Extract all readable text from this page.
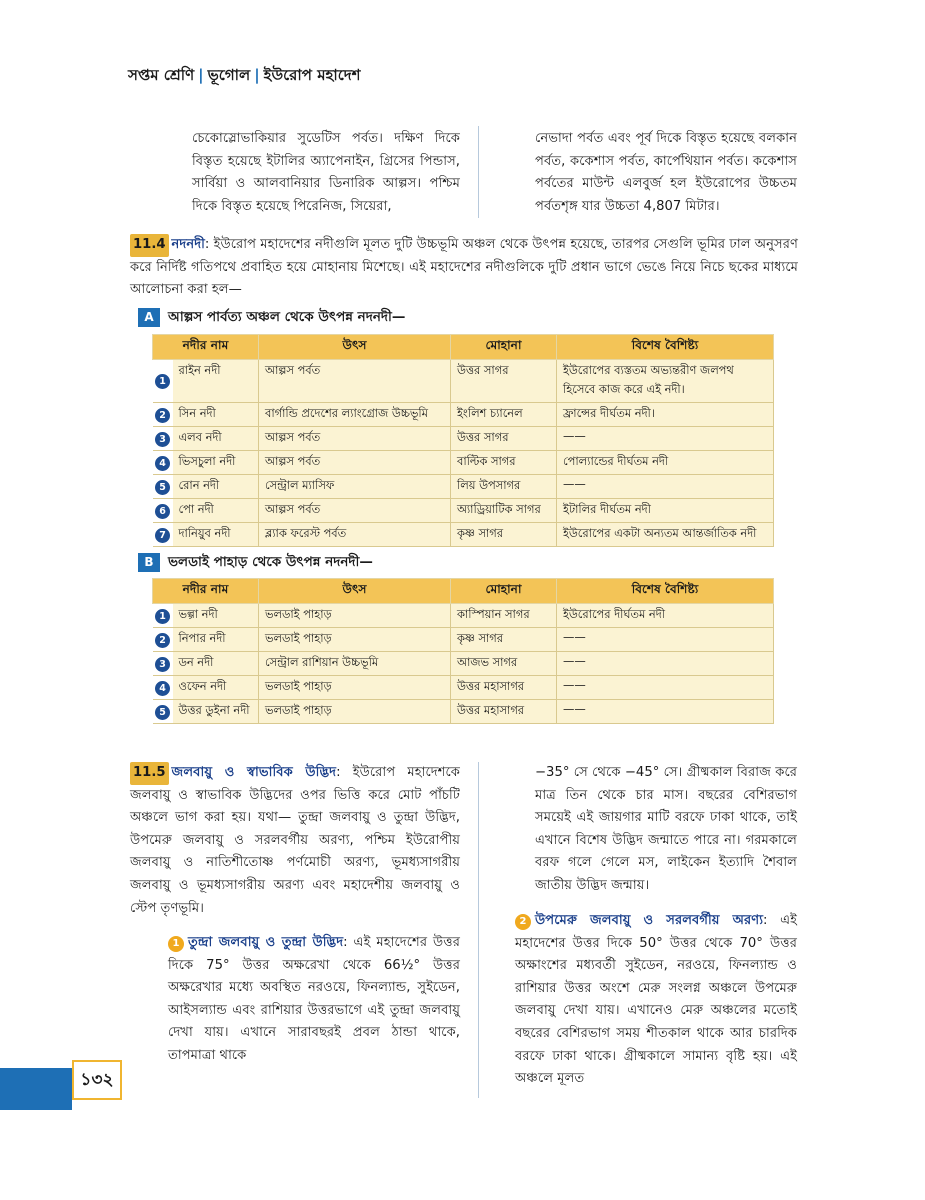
সপ্তম শ্রেণি | ভূগোল | ইউরোপ মহাদেশ
চেকোস্লোভাকিয়ার সুডেটিস পর্বত। দক্ষিণ দিকে বিস্তৃত হয়েছে ইটালির অ্যাপেনাইন, গ্রিসের পিন্ডাস, সার্বিয়া ও আলবানিয়ার ডিনারিক আল্পস। পশ্চিম দিকে বিস্তৃত হয়েছে পিরেনিজ, সিয়েরা,
নেভাদা পর্বত এবং পূর্ব দিকে বিস্তৃত হয়েছে বলকান পর্বত, ককেশাস পর্বত, কার্পেথিয়ান পর্বত। ককেশাস পর্বতের মাউন্ট এলবুর্জ হল ইউরোপের উচ্চতম পর্বতশৃঙ্গ যার উচ্চতা 4,807 মিটার।
11.4 নদনদী: ইউরোপ মহাদেশের নদীগুলি মূলত দুটি উচ্চভূমি অঞ্চল থেকে উৎপন্ন হয়েছে, তারপর সেগুলি ভূমির ঢাল অনুসরণ করে নির্দিষ্ট গতিপথে প্রবাহিত হয়ে মোহানায় মিশেছে। এই মহাদেশের নদীগুলিকে দুটি প্রধান ভাগে ভেঙে নিয়ে নিচে ছকের মাধ্যমে আলোচনা করা হল—
A	আল্পস পার্বত্য অঞ্চল থেকে উৎপন্ন নদনদী—
নদীর নাম		উৎস	মোহানা	বিশেষ বৈশিষ্ট্য
1	রাইন নদী	আল্পস পর্বত	উত্তর সাগর	ইউরোপের ব্যস্ততম অভ্যন্তরীণ জলপথ হিসেবে কাজ করে এই নদী।
2	সিন নদী	বার্গান্ডি প্রদেশের ল্যাংগ্রোজ উচ্চভূমি	ইংলিশ চ্যানেল	ফ্রান্সের দীর্ঘতম নদী।
3	এলব নদী	আল্পস পর্বত	উত্তর সাগর	——
4	ভিসচুলা নদী	আল্পস পর্বত	বাল্টিক সাগর	পোল্যান্ডের দীর্ঘতম নদী
5	রোন নদী	সেন্ট্রাল ম্যাসিফ	লিয় উপসাগর	——
6	পো নদী	আল্পস পর্বত	অ্যাড্রিয়াটিক সাগর	ইটালির দীর্ঘতম নদী
7	দানিয়ুব নদী	ব্ল্যাক ফরেস্ট পর্বত	কৃষ্ণ সাগর	ইউরোপের একটা অন্যতম আন্তর্জাতিক নদী
B	ভলডাই পাহাড় থেকে উৎপন্ন নদনদী—
নদীর নাম		উৎস	মোহানা	বিশেষ বৈশিষ্ট্য
1	ভল্গা নদী	ভলডাই পাহাড়	কাস্পিয়ান সাগর	ইউরোপের দীর্ঘতম নদী
2	নিপার নদী	ভলডাই পাহাড়	কৃষ্ণ সাগর	——
3	ডন নদী	সেন্ট্রাল রাশিয়ান উচ্চভূমি	আজভ সাগর	——
4	ওফেন নদী	ভলডাই পাহাড়	উত্তর মহাসাগর	——
5	উত্তর ডুইনা নদী	ভলডাই পাহাড়	উত্তর মহাসাগর	——
11.5 জলবায়ু ও স্বাভাবিক উদ্ভিদ: ইউরোপ মহাদেশকে জলবায়ু ও স্বাভাবিক উদ্ভিদের ওপর ভিত্তি করে মোট পাঁচটি অঞ্চলে ভাগ করা হয়। যথা— তুন্দ্রা জলবায়ু ও তুন্দ্রা উদ্ভিদ, উপমেরু জলবায়ু ও সরলবর্গীয় অরণ্য, পশ্চিম ইউরোপীয় জলবায়ু ও নাতিশীতোষ্ণ পর্ণমোচী অরণ্য, ভূমধ্যসাগরীয় জলবায়ু ও ভূমধ্যসাগরীয় অরণ্য এবং মহাদেশীয় জলবায়ু ও স্টেপ তৃণভূমি।
1 তুন্দ্রা জলবায়ু ও তুন্দ্রা উদ্ভিদ: এই মহাদেশের উত্তর দিকে 75° উত্তর অক্ষরেখা থেকে 66½° উত্তর অক্ষরেখার মধ্যে অবস্থিত নরওয়ে, ফিনল্যান্ড, সুইডেন, আইসল্যান্ড এবং রাশিয়ার উত্তরভাগে এই তুন্দ্রা জলবায়ু দেখা যায়। এখানে সারাবছরই প্রবল ঠান্ডা থাকে, তাপমাত্রা থাকে
−35° সে থেকে −45° সে। গ্রীষ্মকাল বিরাজ করে মাত্র তিন থেকে চার মাস। বছরের বেশিরভাগ সময়েই এই জায়গার মাটি বরফে ঢাকা থাকে, তাই এখানে বিশেষ উদ্ভিদ জন্মাতে পারে না। গরমকালে বরফ গলে গেলে মস, লাইকেন ইত্যাদি শৈবাল জাতীয় উদ্ভিদ জন্মায়।
2 উপমেরু জলবায়ু ও সরলবর্গীয় অরণ্য: এই মহাদেশের উত্তর দিকে 50° উত্তর থেকে 70° উত্তর অক্ষাংশের মধ্যবর্তী সুইডেন, নরওয়ে, ফিনল্যান্ড ও রাশিয়ার উত্তর অংশে মেরু সংলগ্ন অঞ্চলে উপমেরু জলবায়ু দেখা যায়। এখানেও মেরু অঞ্চলের মতোই বছরের বেশিরভাগ সময় শীতকাল থাকে আর চারদিক বরফে ঢাকা থাকে। গ্রীষ্মকালে সামান্য বৃষ্টি হয়। এই অঞ্চলে মূলত
১৩২
